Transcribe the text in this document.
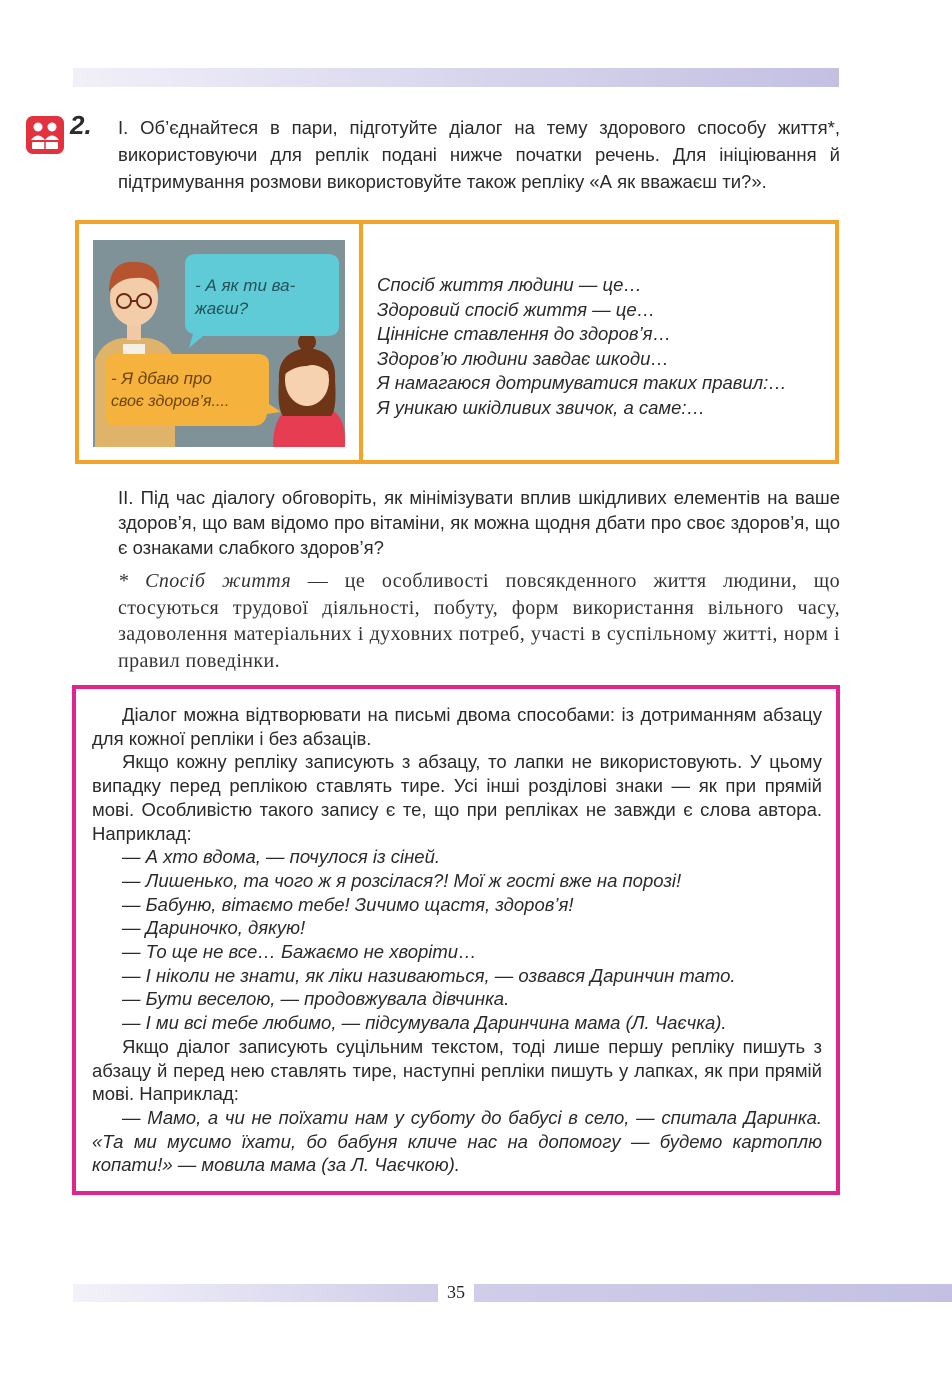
2. І. Об’єднайтеся в пари, підготуйте діалог на тему здорового способу життя*, використовуючи для реплік подані нижче початки речень. Для ініціювання й підтримування розмови використовуйте також репліку «А як вважаєш ти?».

- А як ти ва-
жаєш?
- Я дбаю про
своє здоров’я....
Спосіб життя людини — це…
Здоровий спосіб життя — це…
Ціннісне ставлення до здоров’я…
Здоров’ю людини завдає шкоди…
Я намагаюся дотримуватися таких правил:…
Я уникаю шкідливих звичок, а саме:…

ІІ. Під час діалогу обговоріть, як мінімізувати вплив шкідливих елементів на ваше здоров’я, що вам відомо про вітаміни, як можна щодня дбати про своє здоров’я, що є ознаками слабкого здоров’я?

* Спосіб життя — це особливості повсякденного життя людини, що стосуються трудової діяльності, побуту, форм використання вільного часу, задоволення матеріальних і духовних потреб, участі в суспільному житті, норм і правил поведінки.

Діалог можна відтворювати на письмі двома способами: із дотриманням абзацу для кожної репліки і без абзаців.

Якщо кожну репліку записують з абзацу, то лапки не використовують. У цьому випадку перед реплікою ставлять тире. Усі інші розділові знаки — як при прямій мові. Особливістю такого запису є те, що при репліках не завжди є слова автора. Наприклад:

— А хто вдома, — почулося із сіней.

— Лишенько, та чого ж я розсілася?! Мої ж гості вже на порозі!

— Бабуню, вітаємо тебе! Зичимо щастя, здоров’я!

— Дариночко, дякую!

— То ще не все… Бажаємо не хворіти…

— І ніколи не знати, як ліки називаються, — озвався Даринчин тато.

— Бути веселою, — продовжувала дівчинка.

— І ми всі тебе любимо, — підсумувала Даринчина мама (Л. Чаєчка).

Якщо діалог записують суцільним текстом, тоді лише першу репліку пишуть з абзацу й перед нею ставлять тире, наступні репліки пишуть у лапках, як при прямій мові. Наприклад:

— Мамо, а чи не поїхати нам у суботу до бабусі в село, — спитала Даринка. «Та ми мусимо їхати, бо бабуня кличе нас на допомогу — будемо картоплю копати!» — мовила мама (за Л. Чаєчкою).

35
